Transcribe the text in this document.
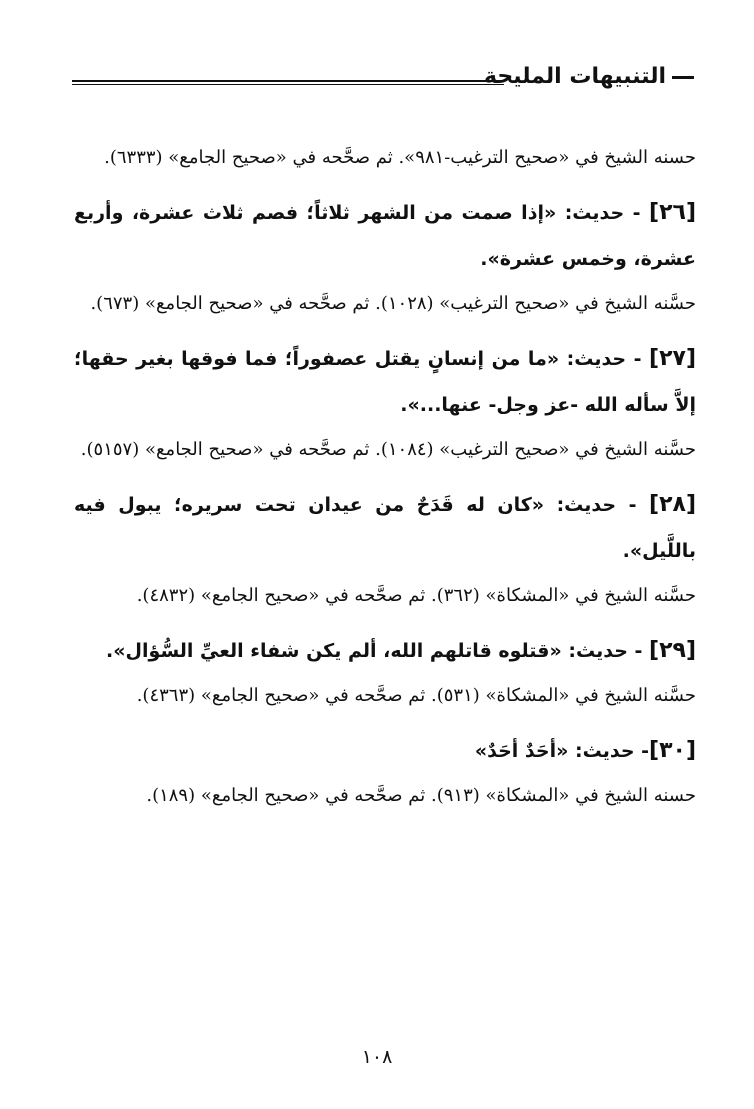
التنبيهات المليحة
حسنه الشيخ في «صحيح الترغيب-٩٨١». ثم صحَّحه في «صحيح الجامع» (٦٣٣٣).
[٢٦] - حديث: «إذا صمت من الشهر ثلاثاً؛ فصم ثلاث عشرة، وأربع عشرة، وخمس عشرة».
حسَّنه الشيخ في «صحيح الترغيب» (١٠٢٨). ثم صحَّحه في «صحيح الجامع» (٦٧٣).
[٢٧] - حديث: «ما من إنسانٍ يقتل عصفوراً؛ فما فوقها بغير حقها؛ إلاَّ سأله الله -عز وجل- عنها...».
حسَّنه الشيخ في «صحيح الترغيب» (١٠٨٤). ثم صحَّحه في «صحيح الجامع» (٥١٥٧).
[٢٨] - حديث: «كان له قَدَحٌ من عيدان تحت سريره؛ يبول فيه باللَّيل».
حسَّنه الشيخ في «المشكاة» (٣٦٢). ثم صحَّحه في «صحيح الجامع» (٤٨٣٢).
[٢٩] - حديث: «قتلوه قاتلهم الله، ألم يكن شفاء العيِّ السُّؤال».
حسَّنه الشيخ في «المشكاة» (٥٣١). ثم صحَّحه في «صحيح الجامع» (٤٣٦٣).
[٣٠]- حديث: «أحَدٌ أحَدٌ»
حسنه الشيخ في «المشكاة» (٩١٣). ثم صحَّحه في «صحيح الجامع» (١٨٩).
١٠٨
